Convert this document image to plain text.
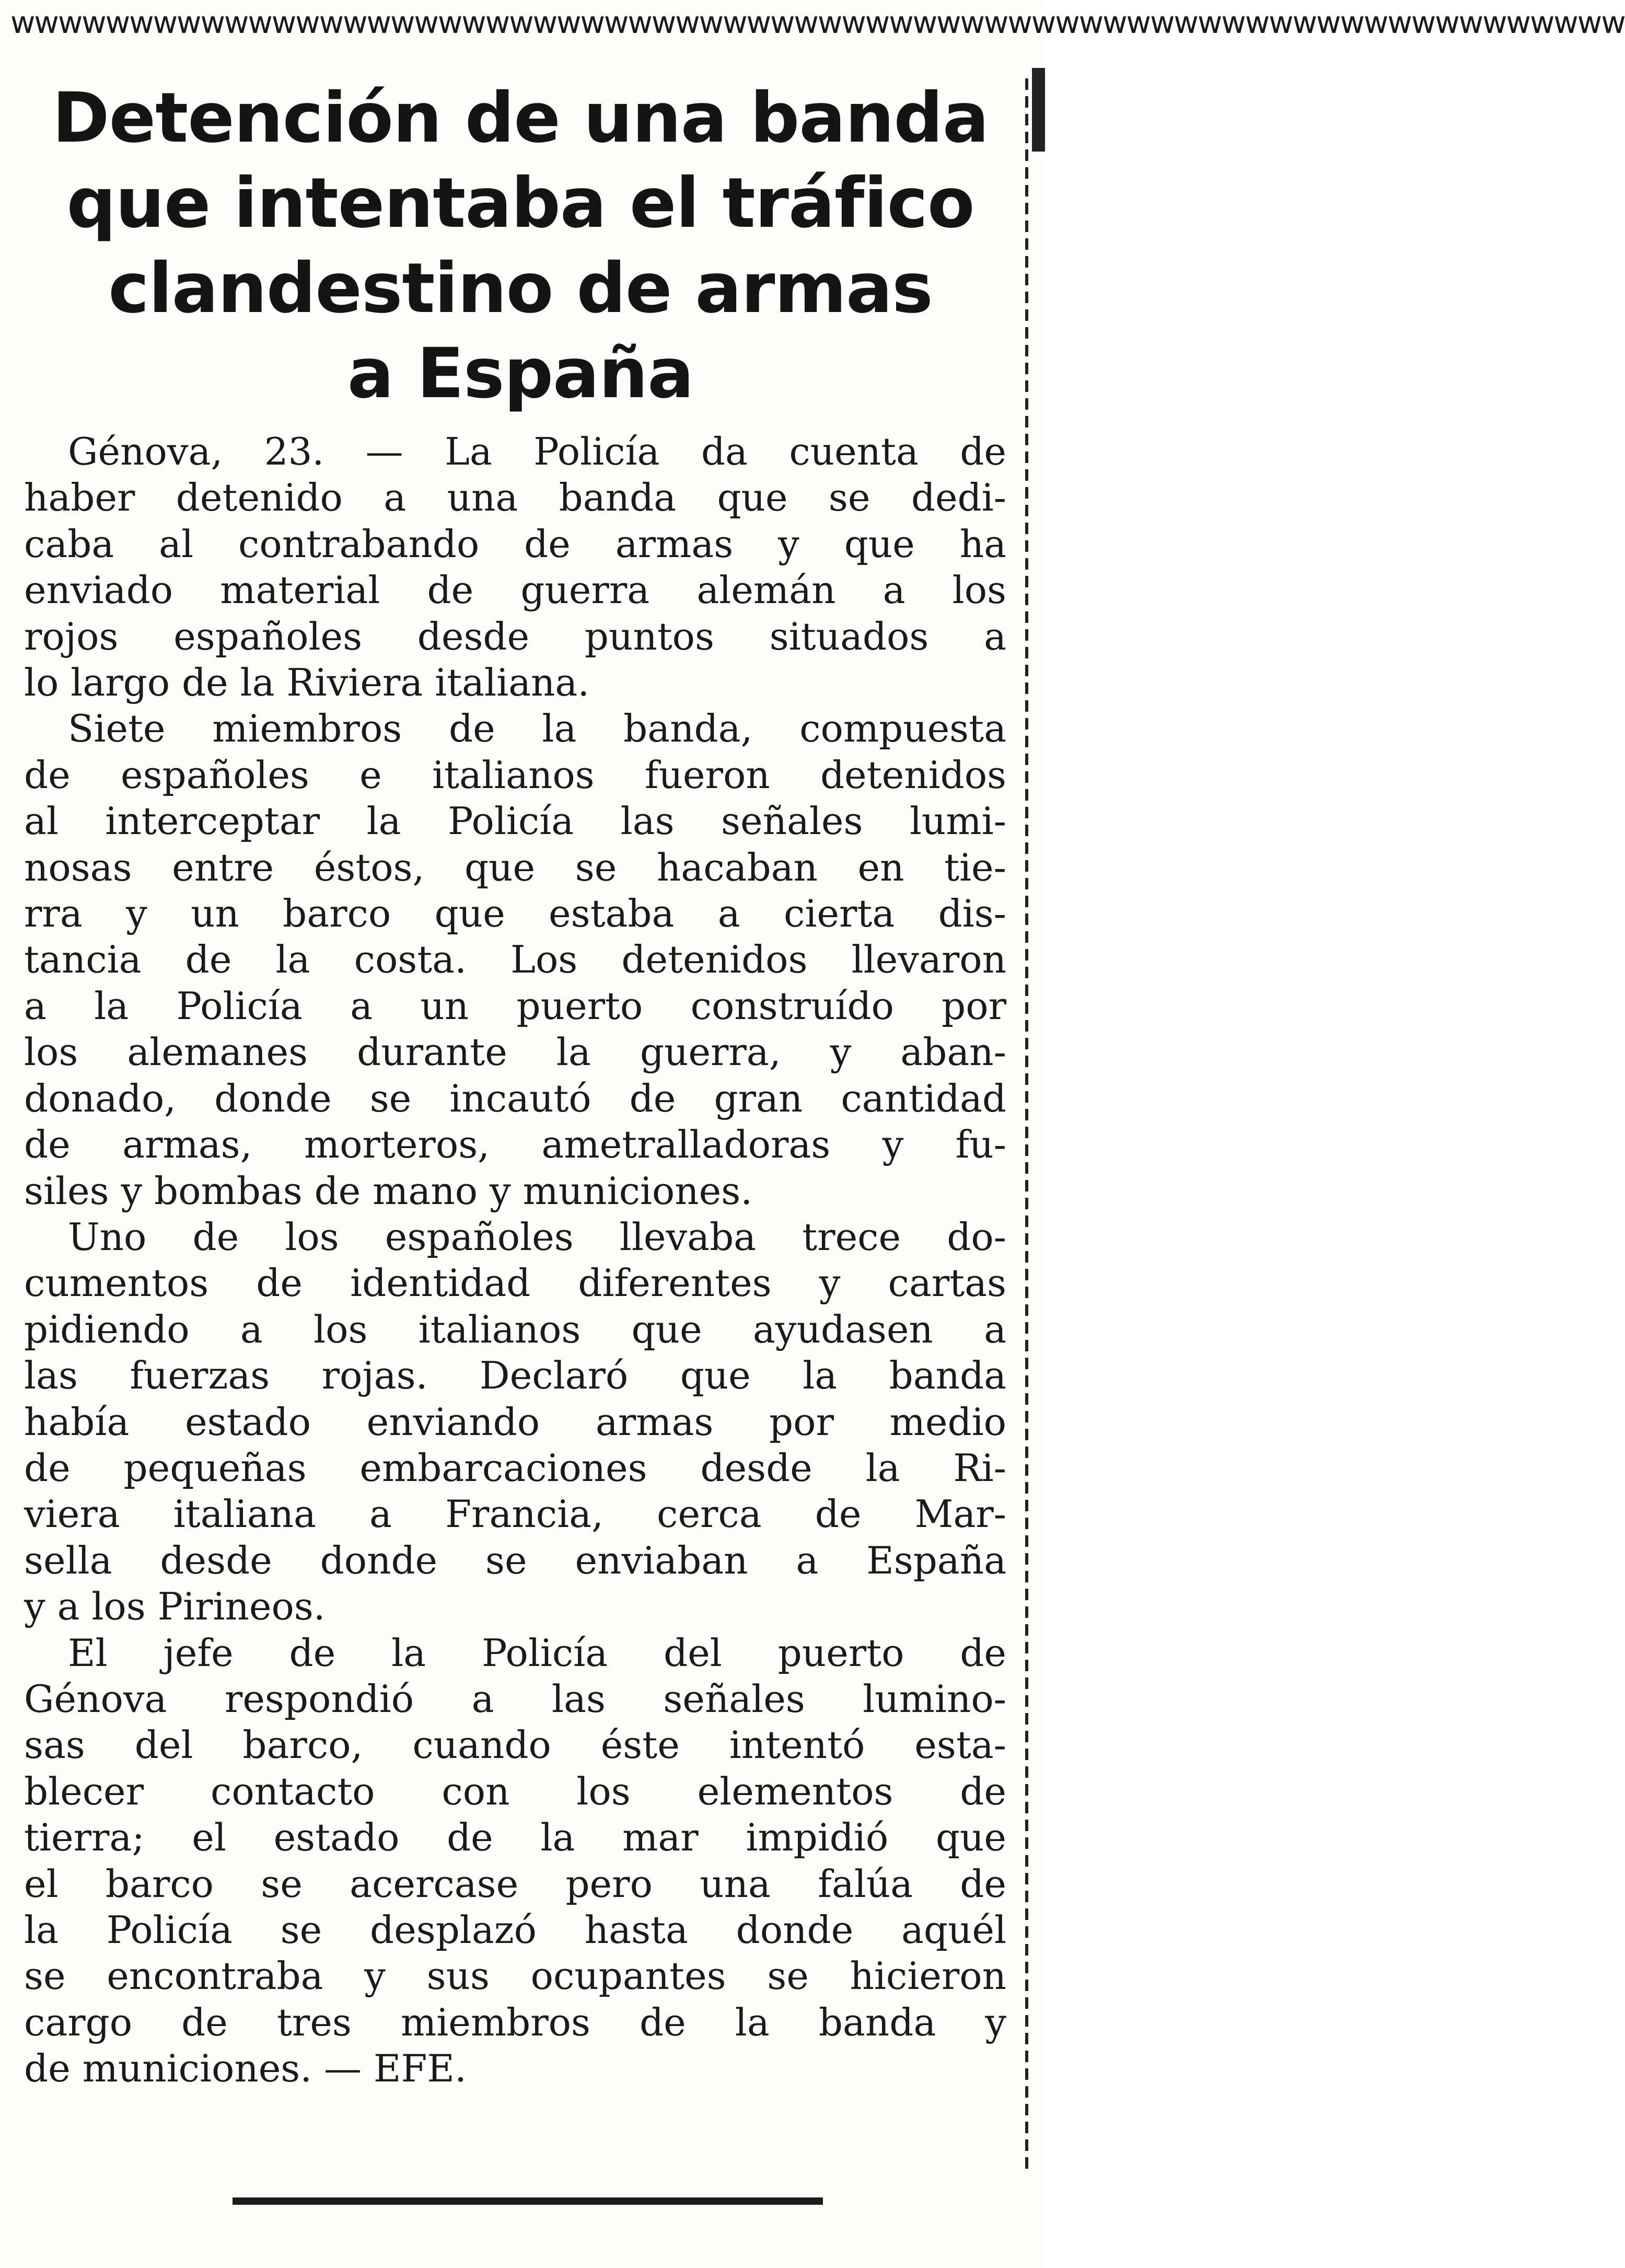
wwwwwwwwwwwwwwwwwwwwwwwwwwwwwwwwwwwwwwwwwwwwwwwwwwwwwwwwwwwwwwwwwwww
Detención de una banda
que intentaba el tráfico
clandestino de armas
a España

Génova, 23. — La Policía da cuenta de
haber detenido a una banda que se dedi-
caba al contrabando de armas y que ha
enviado material de guerra alemán a los
rojos españoles desde puntos situados a
lo largo de la Riviera italiana.

Siete miembros de la banda, compuesta
de españoles e italianos fueron detenidos
al interceptar la Policía las señales lumi-
nosas entre éstos, que se hacaban en tie-
rra y un barco que estaba a cierta dis-
tancia de la costa. Los detenidos llevaron
a la Policía a un puerto construído por
los alemanes durante la guerra, y aban-
donado, donde se incautó de gran cantidad
de armas, morteros, ametralladoras y fu-
siles y bombas de mano y municiones.

Uno de los españoles llevaba trece do-
cumentos de identidad diferentes y cartas
pidiendo a los italianos que ayudasen a
las fuerzas rojas. Declaró que la banda
había estado enviando armas por medio
de pequeñas embarcaciones desde la Ri-
viera italiana a Francia, cerca de Mar-
sella desde donde se enviaban a España
y a los Pirineos.

El jefe de la Policía del puerto de
Génova respondió a las señales lumino-
sas del barco, cuando éste intentó esta-
blecer contacto con los elementos de
tierra; el estado de la mar impidió que
el barco se acercase pero una falúa de
la Policía se desplazó hasta donde aquél
se encontraba y sus ocupantes se hicieron
cargo de tres miembros de la banda y
de municiones. — EFE.
